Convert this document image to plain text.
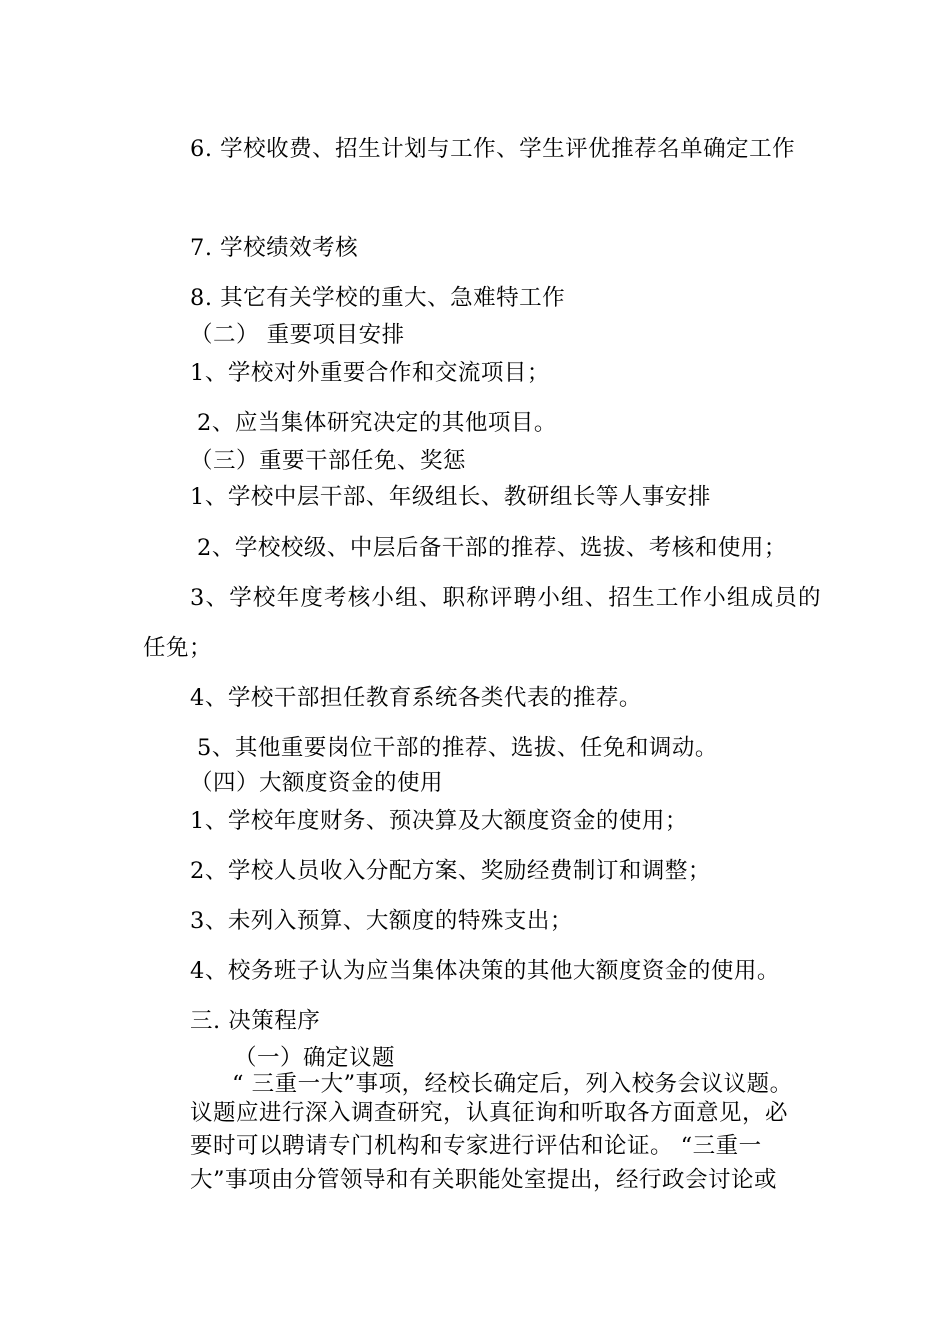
6. 学校收费、招生计划与工作、学生评优推荐名单确定工作

7. 学校绩效考核

8. 其它有关学校的重大、急难特工作

（二） 重要项目安排

1、学校对外重要合作和交流项目；

2、应当集体研究决定的其他项目。

（三）重要干部任免、奖惩

1、学校中层干部、年级组长、教研组长等人事安排

2、学校校级、中层后备干部的推荐、选拔、考核和使用；

3、学校年度考核小组、职称评聘小组、招生工作小组成员的

任免；

4、学校干部担任教育系统各类代表的推荐。

5、其他重要岗位干部的推荐、选拔、任免和调动。

（四）大额度资金的使用

1、学校年度财务、预决算及大额度资金的使用；

2、学校人员收入分配方案、奖励经费制订和调整；

3、未列入预算、大额度的特殊支出；

4、校务班子认为应当集体决策的其他大额度资金的使用。

三. 决策程序

（一）确定议题

“ 三重一大”事项，经校长确定后，列入校务会议议题。

议题应进行深入调查研究，认真征询和听取各方面意见，必

要时可以聘请专门机构和专家进行评估和论证。 “三重一

大”事项由分管领导和有关职能处室提出，经行政会讨论或
